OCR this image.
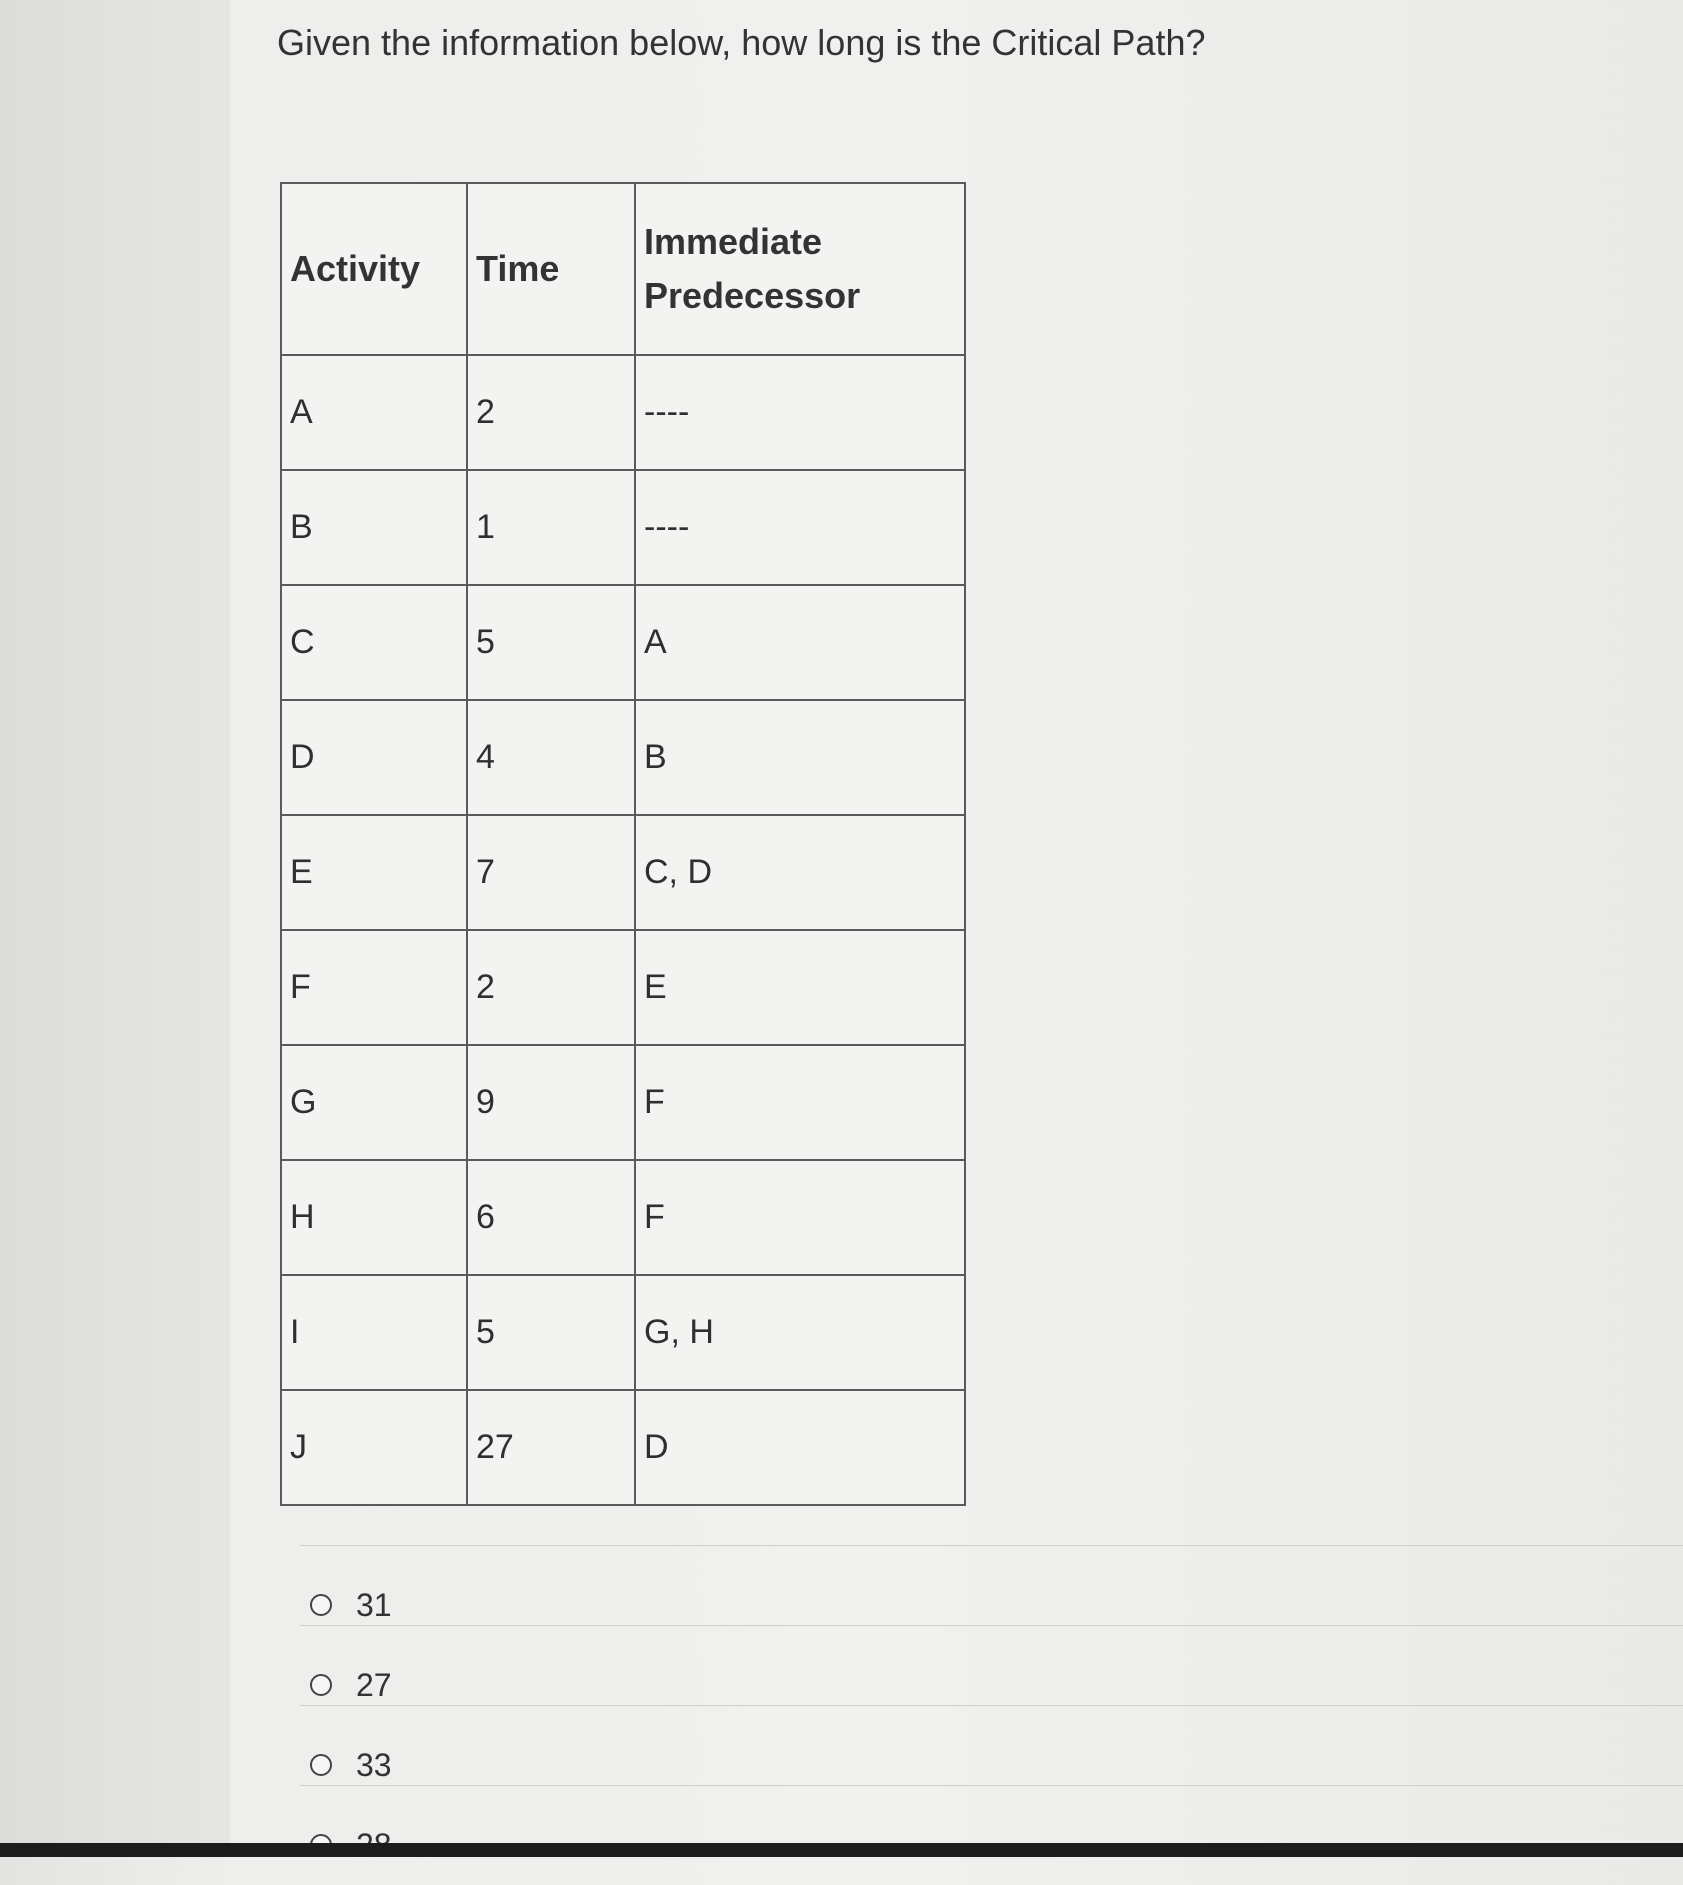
Given the information below, how long is the Critical Path?
Activity	Time	Immediate
Predecessor

A	2	----
B	1	----
C	5	A
D	4	B
E	7	C, D
F	2	E
G	9	F
H	6	F
I	5	G, H
J	27	D
31
27
33
